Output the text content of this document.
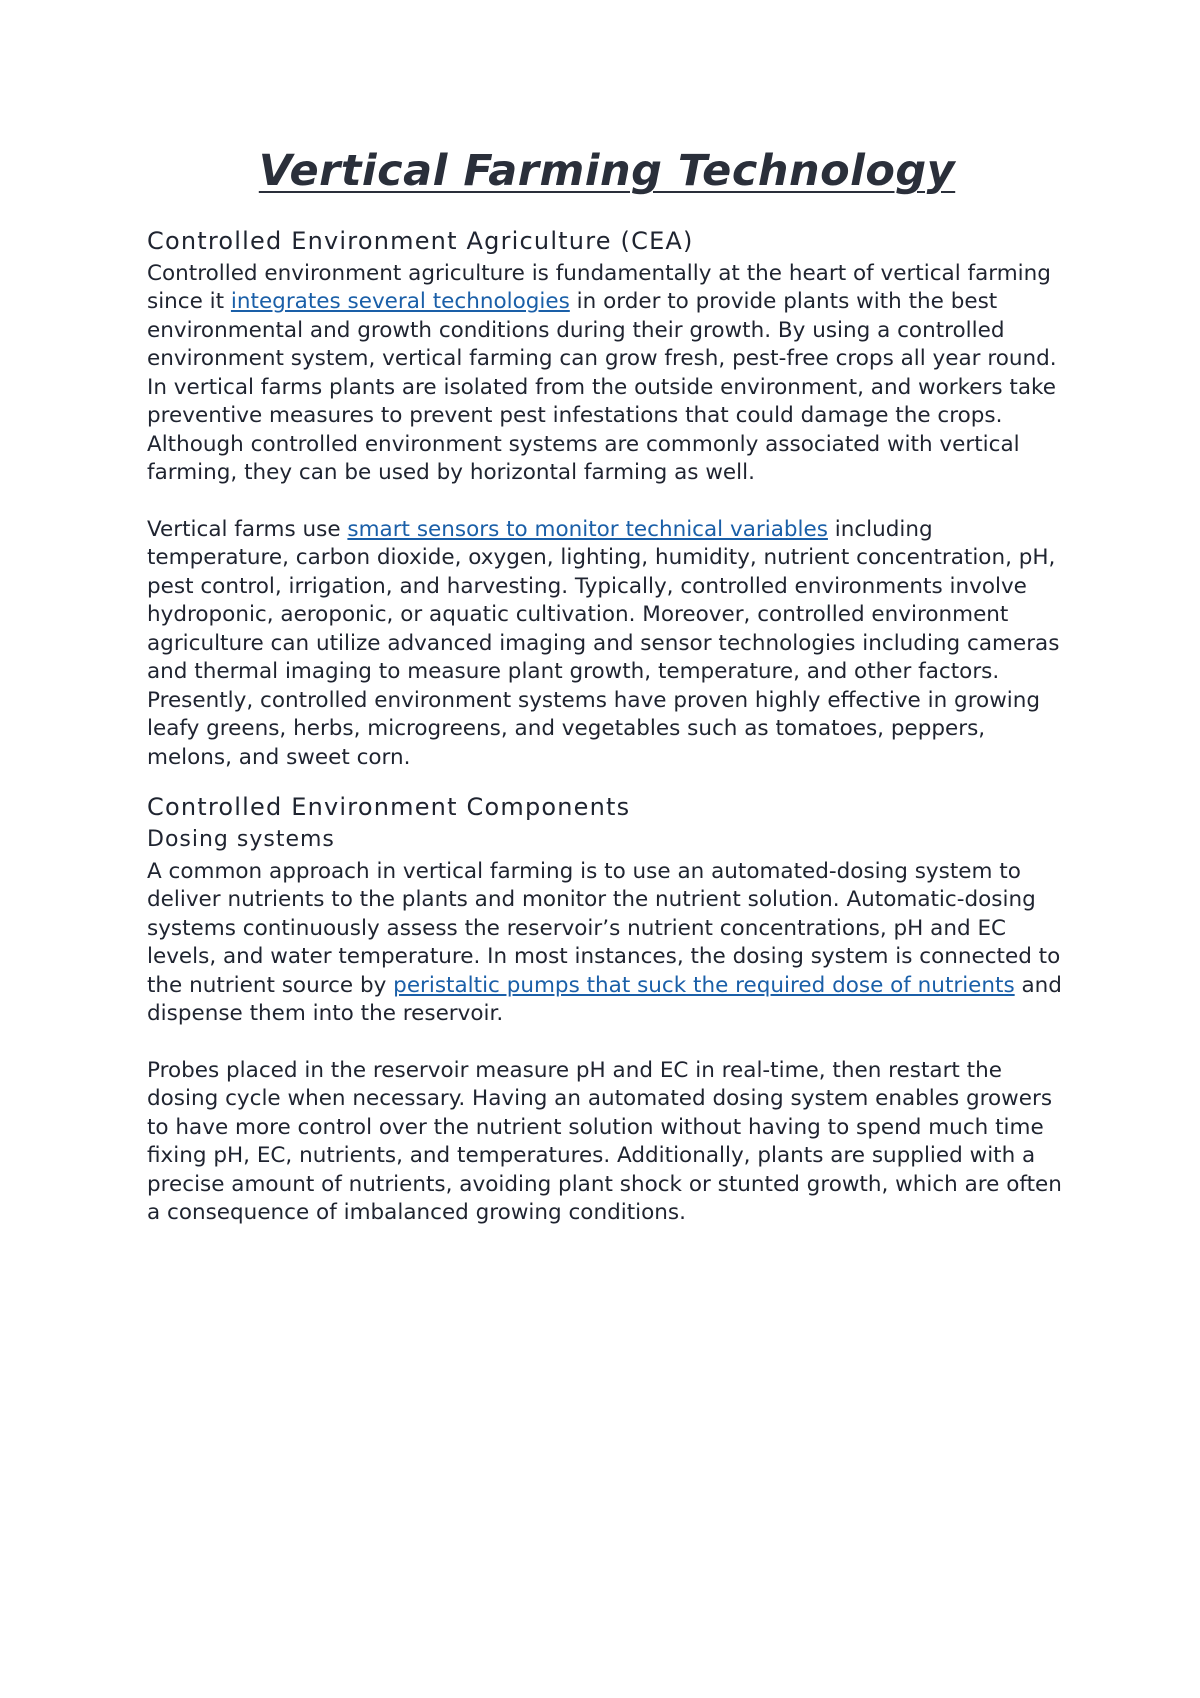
Vertical Farming Technology
Controlled Environment Agriculture (CEA)

Controlled environment agriculture is fundamentally at the heart of vertical farming since it integrates several technologies in order to provide plants with the best environmental and growth conditions during their growth. By using a controlled environment system, vertical farming can grow fresh, pest-free crops all year round. In vertical farms plants are isolated from the outside environment, and workers take preventive measures to prevent pest infestations that could damage the crops. Although controlled environment systems are commonly associated with vertical farming, they can be used by horizontal farming as well.

Vertical farms use smart sensors to monitor technical variables including temperature, carbon dioxide, oxygen, lighting, humidity, nutrient concentration, pH, pest control, irrigation, and harvesting. Typically, controlled environments involve hydroponic, aeroponic, or aquatic cultivation. Moreover, controlled environment agriculture can utilize advanced imaging and sensor technologies including cameras and thermal imaging to measure plant growth, temperature, and other factors. Presently, controlled environment systems have proven highly effective in growing leafy greens, herbs, microgreens, and vegetables such as tomatoes, peppers, melons, and sweet corn.

Controlled Environment Components
Dosing systems

A common approach in vertical farming is to use an automated-dosing system to deliver nutrients to the plants and monitor the nutrient solution. Automatic-dosing systems continuously assess the reservoir’s nutrient concentrations, pH and EC levels, and water temperature. In most instances, the dosing system is connected to the nutrient source by peristaltic pumps that suck the required dose of nutrients and dispense them into the reservoir.

Probes placed in the reservoir measure pH and EC in real-time, then restart the dosing cycle when necessary. Having an automated dosing system enables growers to have more control over the nutrient solution without having to spend much time fixing pH, EC, nutrients, and temperatures. Additionally, plants are supplied with a precise amount of nutrients, avoiding plant shock or stunted growth, which are often a consequence of imbalanced growing conditions.
